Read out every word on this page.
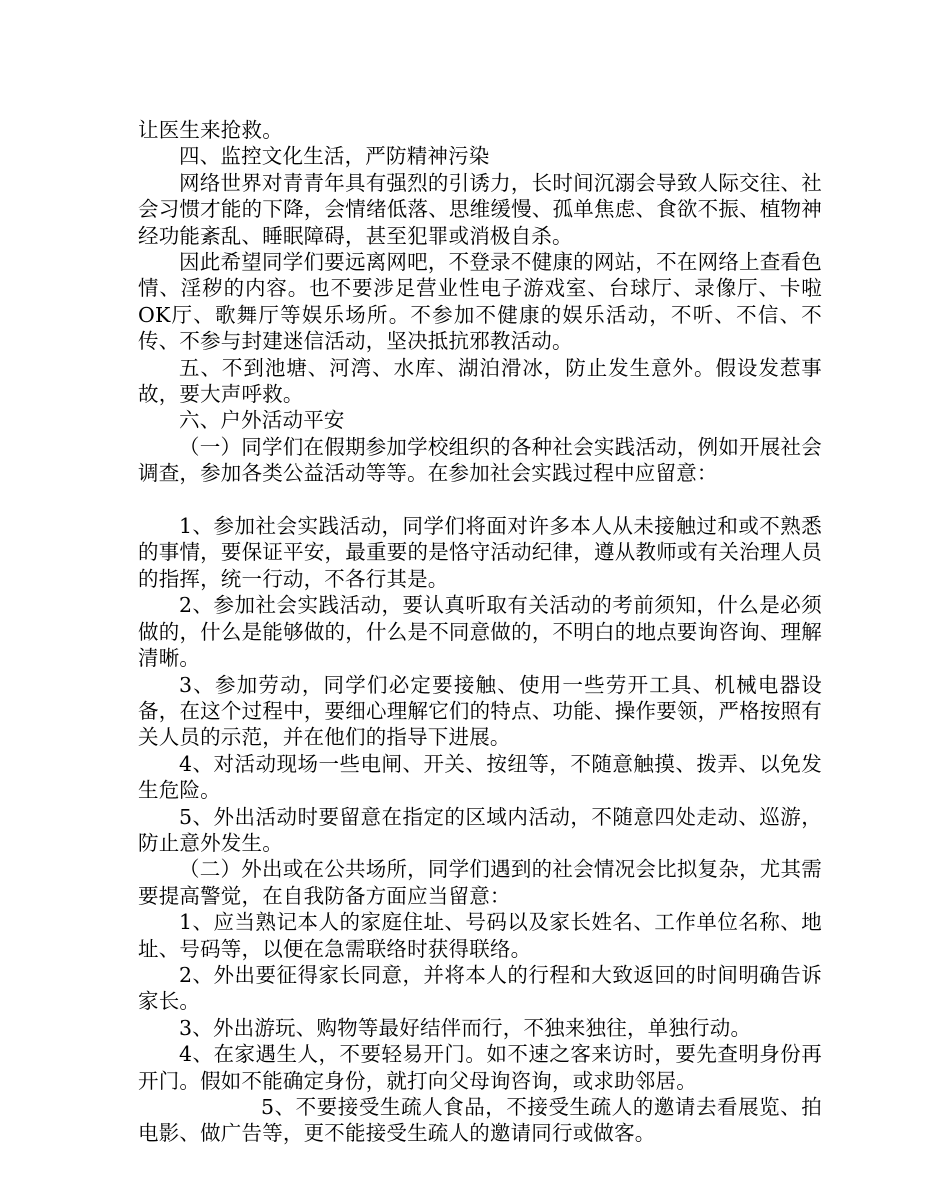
让医生来抢救。

四、监控文化生活，严防精神污染

网络世界对青青年具有强烈的引诱力，长时间沉溺会导致人际交往、社会习惯才能的下降，会情绪低落、思维缓慢、孤单焦虑、食欲不振、植物神经功能紊乱、睡眠障碍，甚至犯罪或消极自杀。

因此希望同学们要远离网吧，不登录不健康的网站，不在网络上查看色情、淫秽的内容。也不要涉足营业性电子游戏室、台球厅、录像厅、卡啦OK厅、歌舞厅等娱乐场所。不参加不健康的娱乐活动，不听、不信、不传、不参与封建迷信活动，坚决抵抗邪教活动。

五、不到池塘、河湾、水库、湖泊滑冰，防止发生意外。假设发惹事故，要大声呼救。

六、户外活动平安

（一）同学们在假期参加学校组织的各种社会实践活动，例如开展社会调查，参加各类公益活动等等。在参加社会实践过程中应留意：

1、参加社会实践活动，同学们将面对许多本人从未接触过和或不熟悉的事情，要保证平安，最重要的是恪守活动纪律，遵从教师或有关治理人员的指挥，统一行动，不各行其是。

2、参加社会实践活动，要认真听取有关活动的考前须知，什么是必须做的，什么是能够做的，什么是不同意做的，不明白的地点要询咨询、理解清晰。

3、参加劳动，同学们必定要接触、使用一些劳开工具、机械电器设备，在这个过程中，要细心理解它们的特点、功能、操作要领，严格按照有关人员的示范，并在他们的指导下进展。

4、对活动现场一些电闸、开关、按纽等，不随意触摸、拨弄、以免发生危险。

5、外出活动时要留意在指定的区域内活动，不随意四处走动、巡游，防止意外发生。

（二）外出或在公共场所，同学们遇到的社会情况会比拟复杂，尤其需要提高警觉，在自我防备方面应当留意：

1、应当熟记本人的家庭住址、号码以及家长姓名、工作单位名称、地址、号码等，以便在急需联络时获得联络。

2、外出要征得家长同意，并将本人的行程和大致返回的时间明确告诉家长。

3、外出游玩、购物等最好结伴而行，不独来独往，单独行动。

4、在家遇生人，不要轻易开门。如不速之客来访时，要先查明身份再开门。假如不能确定身份，就打向父母询咨询，或求助邻居。

5、不要接受生疏人食品，不接受生疏人的邀请去看展览、拍电影、做广告等，更不能接受生疏人的邀请同行或做客。
